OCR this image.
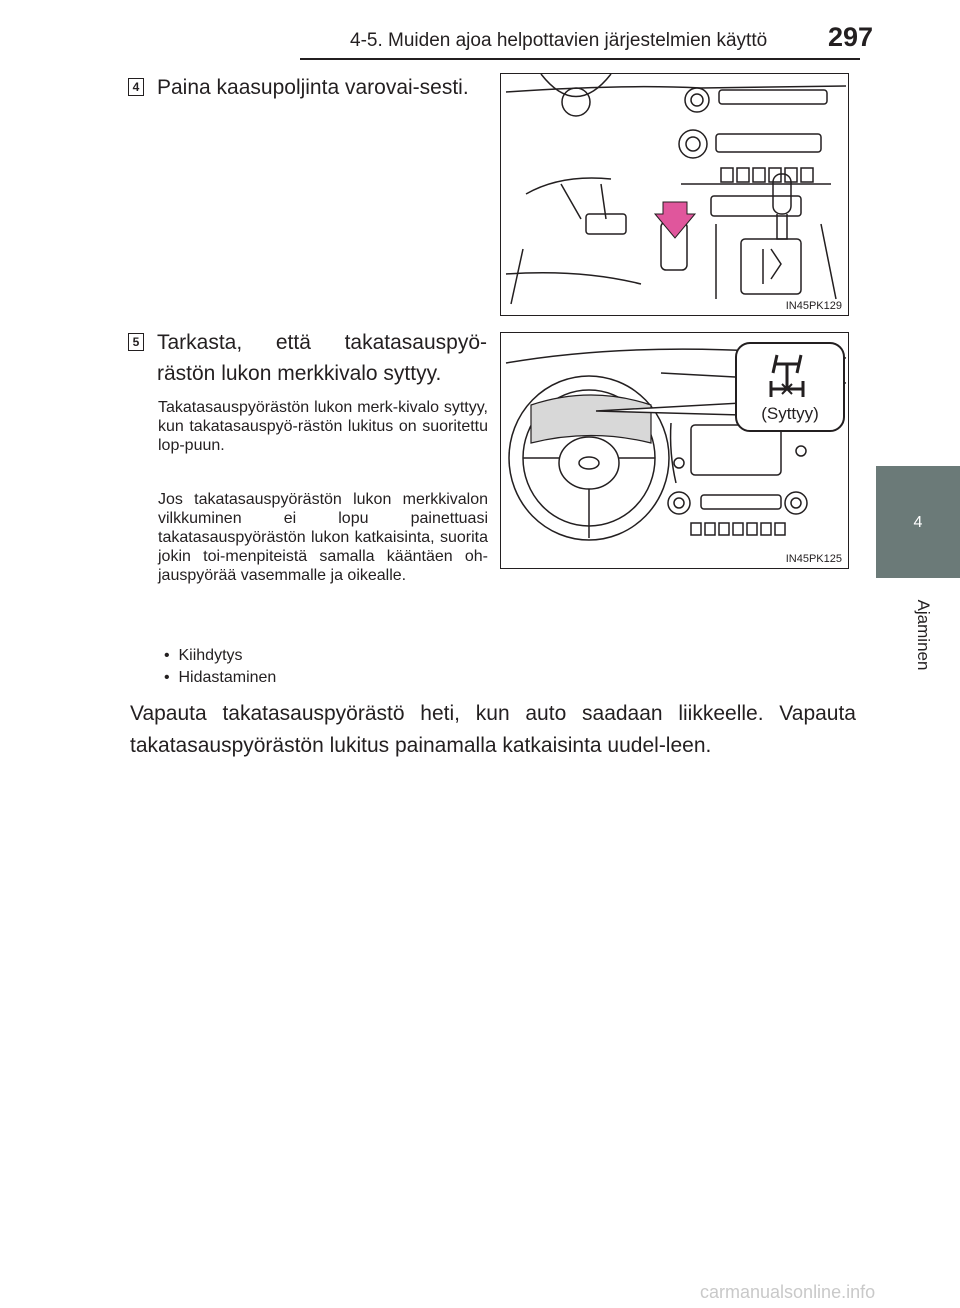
4-5. Muiden ajoa helpottavien järjestelmien käyttö 297
4
Ajaminen
4 Paina kaasupoljinta varovai-sesti.
IN45PK129
5 Tarkasta, että takatasauspyö-rästön lukon merkkivalo syttyy.
Takatasauspyörästön lukon merk-kivalo syttyy, kun takatasauspyö-rästön lukitus on suoritettu lop-puun.
Jos takatasauspyörästön lukon merkkivalon vilkkuminen ei lopu painettuasi takatasauspyörästön lukon katkaisinta, suorita jokin toi-menpiteistä samalla kääntäen oh-jauspyörää vasemmalle ja oikealle.
•  Kiihdytys
•  Hidastaminen
(Syttyy)
IN45PK125
Vapauta takatasauspyörästö heti, kun auto saadaan liikkeelle. Vapauta takatasauspyörästön lukitus painamalla katkaisinta uudel-leen.
carmanualsonline.info
